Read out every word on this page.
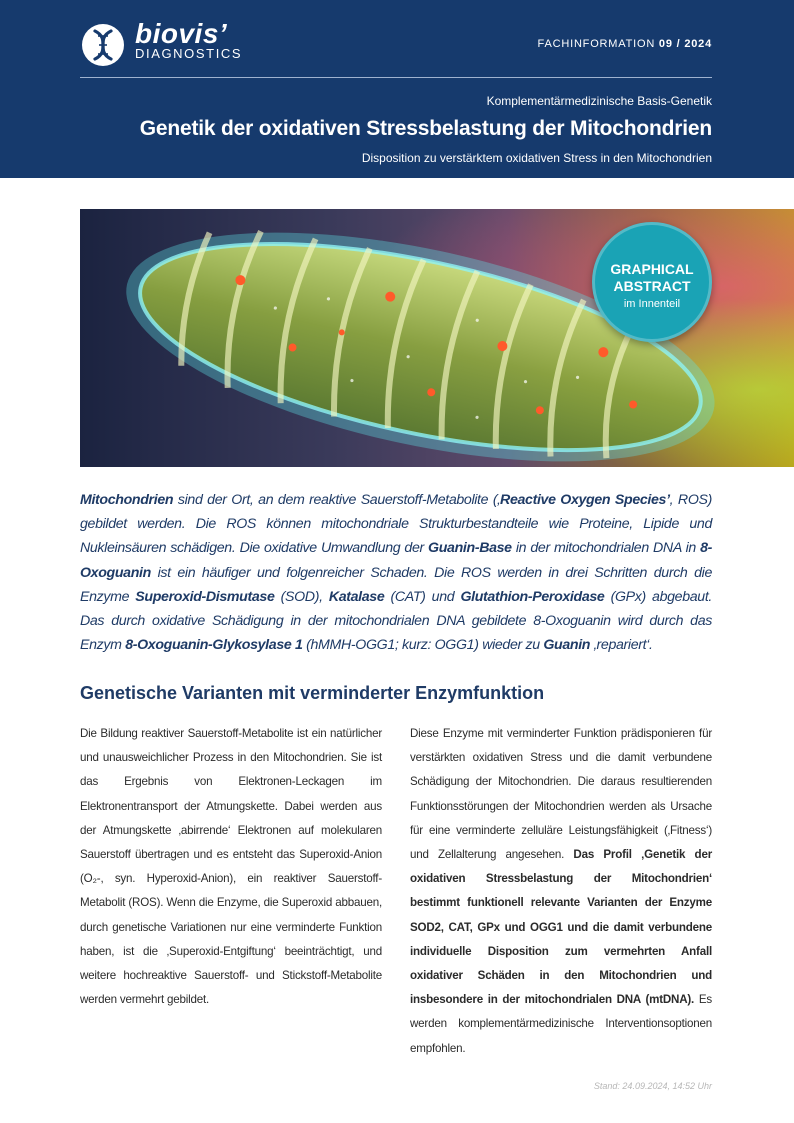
biovis’
DIAGNOSTICS
FACHINFORMATION 09 / 2024
Komplementärmedizinische Basis-Genetik
Genetik der oxidativen Stressbelastung der Mitochondrien
Disposition zu verstärktem oxidativen Stress in den Mitochondrien
GRAPHICAL
ABSTRACT
im Innenteil
Mitochondrien sind der Ort, an dem reaktive Sauerstoff-Metabolite (‚Reactive Oxygen Species’, ROS) gebildet werden. Die ROS können mitochondriale Strukturbestandteile wie Proteine, Lipide und Nukleinsäuren schädigen. Die oxidative Umwandlung der Guanin-Base in der mitochondrialen DNA in 8-Oxoguanin ist ein häufiger und folgenreicher Schaden. Die ROS werden in drei Schritten durch die Enzyme Superoxid-Dismutase (SOD), Katalase (CAT) und Glutathion-Peroxidase (GPx) abgebaut. Das durch oxidative Schädigung in der mitochondrialen DNA gebildete 8-Oxoguanin wird durch das Enzym 8-Oxoguanin-Glykosylase 1 (hMMH-OGG1; kurz: OGG1) wieder zu Guanin ‚repariert‘.
Genetische Varianten mit verminderter Enzymfunktion
Die Bildung reaktiver Sauerstoff-Metabolite ist ein natürlicher und unausweichlicher Prozess in den Mitochondrien. Sie ist das Ergebnis von Elektronen-Leckagen im Elektronentransport der Atmungskette. Dabei werden aus der Atmungskette ‚abirrende‘ Elektronen auf molekularen Sauerstoff übertragen und es entsteht das Superoxid-Anion (O₂-, syn. Hyperoxid-Anion), ein reaktiver Sauerstoff-Metabolit (ROS). Wenn die Enzyme, die Superoxid abbauen, durch genetische Variationen nur eine verminderte Funktion haben, ist die ‚Superoxid-Entgiftung‘ beeinträchtigt, und weitere hochreaktive Sauerstoff- und Stickstoff-Metabolite werden vermehrt gebildet.
Diese Enzyme mit verminderter Funktion prädisponieren für verstärkten oxidativen Stress und die damit verbundene Schädigung der Mitochondrien. Die daraus resultierenden Funktionsstörungen der Mitochondrien werden als Ursache für eine verminderte zelluläre Leistungsfähigkeit (‚Fitness‘) und Zellalterung angesehen. Das Profil ‚Genetik der oxidativen Stressbelastung der Mitochondrien‘ bestimmt funktionell relevante Varianten der Enzyme SOD2, CAT, GPx und OGG1 und die damit verbundene individuelle Disposition zum vermehrten Anfall oxidativer Schäden in den Mitochondrien und insbesondere in der mitochondrialen DNA (mtDNA). Es werden komplementärmedizinische Interventionsoptionen empfohlen.
Stand: 24.09.2024, 14:52 Uhr
